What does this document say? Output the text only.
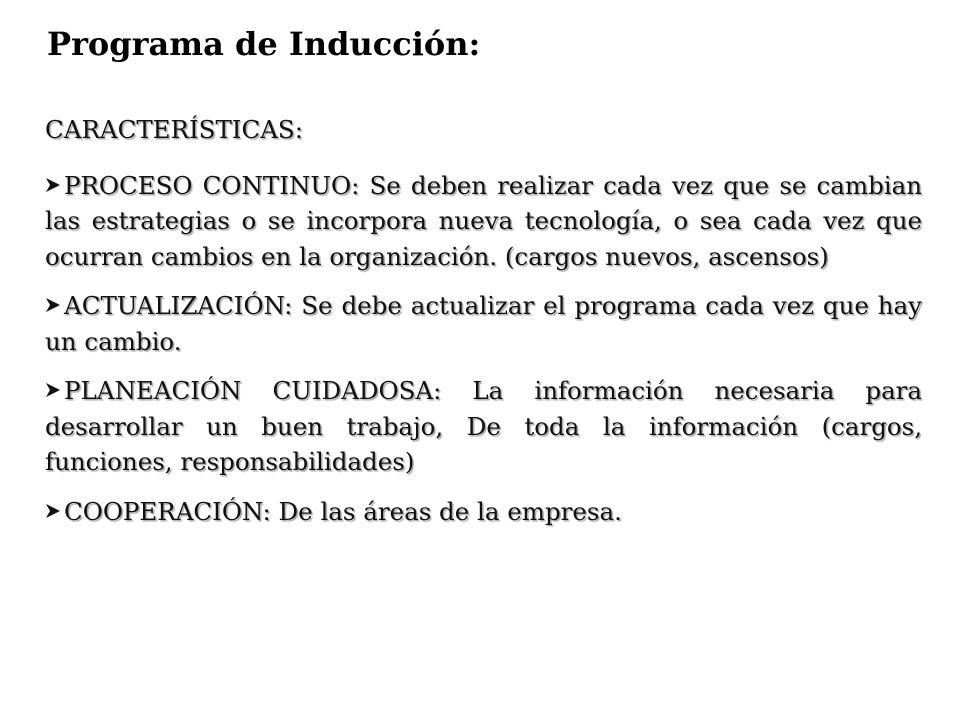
Programa de Inducción:

CARACTERÍSTICAS:

PROCESO CONTINUO: Se deben realizar cada vez que se cambian las estrategias o se incorpora nueva tecnología, o sea cada vez que ocurran cambios en la organización. (cargos nuevos, ascensos)

ACTUALIZACIÓN: Se debe actualizar el programa cada vez que hay un cambio.

PLANEACIÓN CUIDADOSA: La información necesaria para desarrollar un buen trabajo, De toda la información (cargos, funciones, responsabilidades)

COOPERACIÓN: De las áreas de la empresa.
